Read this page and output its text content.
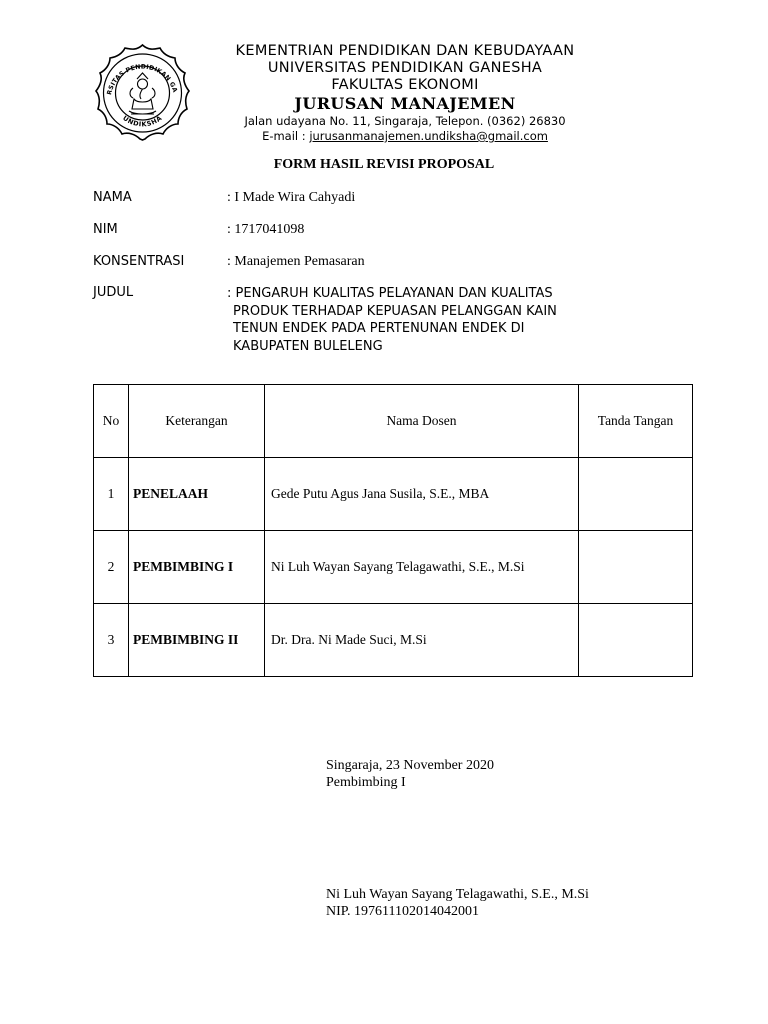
RSITAS PENDIDIKAN GA
UNDIKSHA
KEMENTRIAN PENDIDIKAN DAN KEBUDAYAAN
UNIVERSITAS PENDIDIKAN GANESHA
FAKULTAS EKONOMI
JURUSAN MANAJEMEN
Jalan udayana No. 11, Singaraja, Telepon. (0362) 26830
E-mail : jurusanmanajemen.undiksha@gmail.com
FORM HASIL REVISI PROPOSAL
NAMA	: I Made Wira Cahyadi
NIM	: 1717041098
KONSENTRASI	: Manajemen Pemasaran
JUDUL	: PENGARUH KUALITAS PELAYANAN DAN KUALITAS
PRODUK TERHADAP KEPUASAN PELANGGAN KAIN
TENUN ENDEK PADA PERTENUNAN ENDEK DI
KABUPATEN BULELENG
No	Keterangan	Nama Dosen	Tanda Tangan
1	PENELAAH	Gede Putu Agus Jana Susila, S.E., MBA	
2	PEMBIMBING I	Ni Luh Wayan Sayang Telagawathi, S.E., M.Si	
3	PEMBIMBING II	Dr. Dra. Ni Made Suci, M.Si	
Singaraja, 23 November 2020
Pembimbing I
Ni Luh Wayan Sayang Telagawathi, S.E., M.Si
NIP. 197611102014042001
